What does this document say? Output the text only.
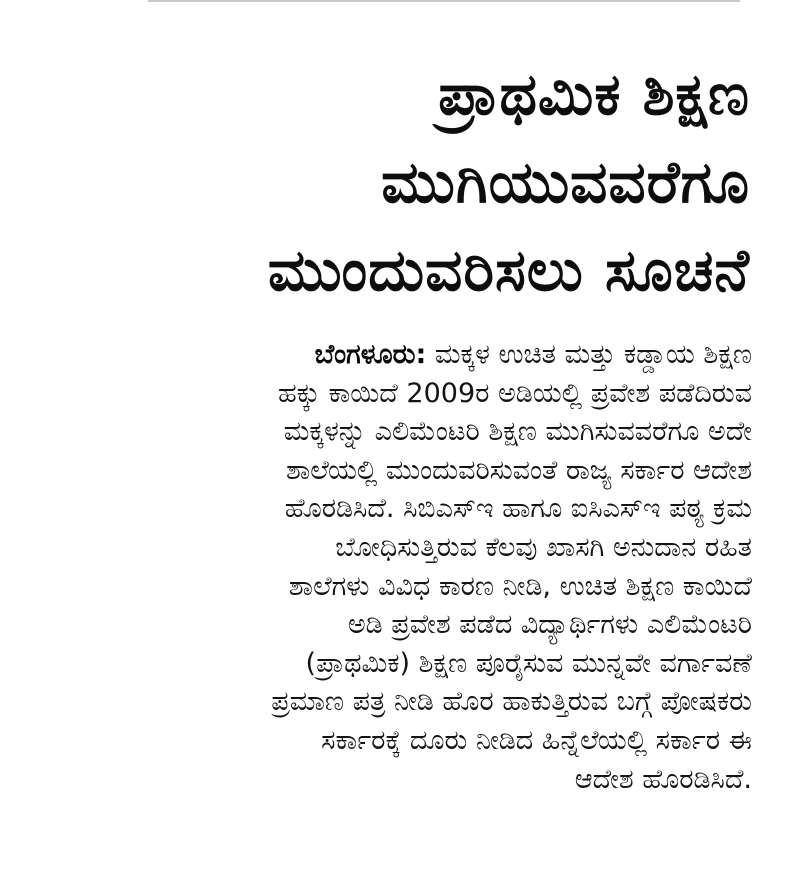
ಪ್ರಾಥಮಿಕ ಶಿಕ್ಷಣ
ಮುಗಿಯುವವರೆಗೂ
ಮುಂದುವರಿಸಲು ಸೂಚನೆ
ಬೆಂಗಳೂರು: ಮಕ್ಕಳ ಉಚಿತ ಮತ್ತು ಕಡ್ಡಾಯ ಶಿಕ್ಷಣ
ಹಕ್ಕು ಕಾಯಿದೆ 2009ರ ಅಡಿಯಲ್ಲಿ ಪ್ರವೇಶ ಪಡೆದಿರುವ
ಮಕ್ಕಳನ್ನು ಎಲಿಮೆಂಟರಿ ಶಿಕ್ಷಣ ಮುಗಿಸುವವರೆಗೂ ಅದೇ
ಶಾಲೆಯಲ್ಲಿ ಮುಂದುವರಿಸುವಂತೆ ರಾಜ್ಯ ಸರ್ಕಾರ ಆದೇಶ
ಹೊರಡಿಸಿದೆ. ಸಿಬಿಎಸ್‌ಇ ಹಾಗೂ ಐಸಿಎಸ್‌ಇ ಪಠ್ಯ ಕ್ರಮ
ಬೋಧಿಸುತ್ತಿರುವ ಕೆಲವು ಖಾಸಗಿ ಅನುದಾನ ರಹಿತ
ಶಾಲೆಗಳು ವಿವಿಧ ಕಾರಣ ನೀಡಿ, ಉಚಿತ ಶಿಕ್ಷಣ ಕಾಯಿದೆ
ಅಡಿ ಪ್ರವೇಶ ಪಡೆದ ವಿದ್ಯಾರ್ಥಿಗಳು ಎಲಿಮೆಂಟರಿ
(ಪ್ರಾಥಮಿಕ) ಶಿಕ್ಷಣ ಪೂರೈಸುವ ಮುನ್ನವೇ ವರ್ಗಾವಣೆ
ಪ್ರಮಾಣ ಪತ್ರ ನೀಡಿ ಹೊರ ಹಾಕುತ್ತಿರುವ ಬಗ್ಗೆ ಪೋಷಕರು
ಸರ್ಕಾರಕ್ಕೆ ದೂರು ನೀಡಿದ ಹಿನ್ನೆಲೆಯಲ್ಲಿ ಸರ್ಕಾರ ಈ
ಆದೇಶ ಹೊರಡಿಸಿದೆ.
